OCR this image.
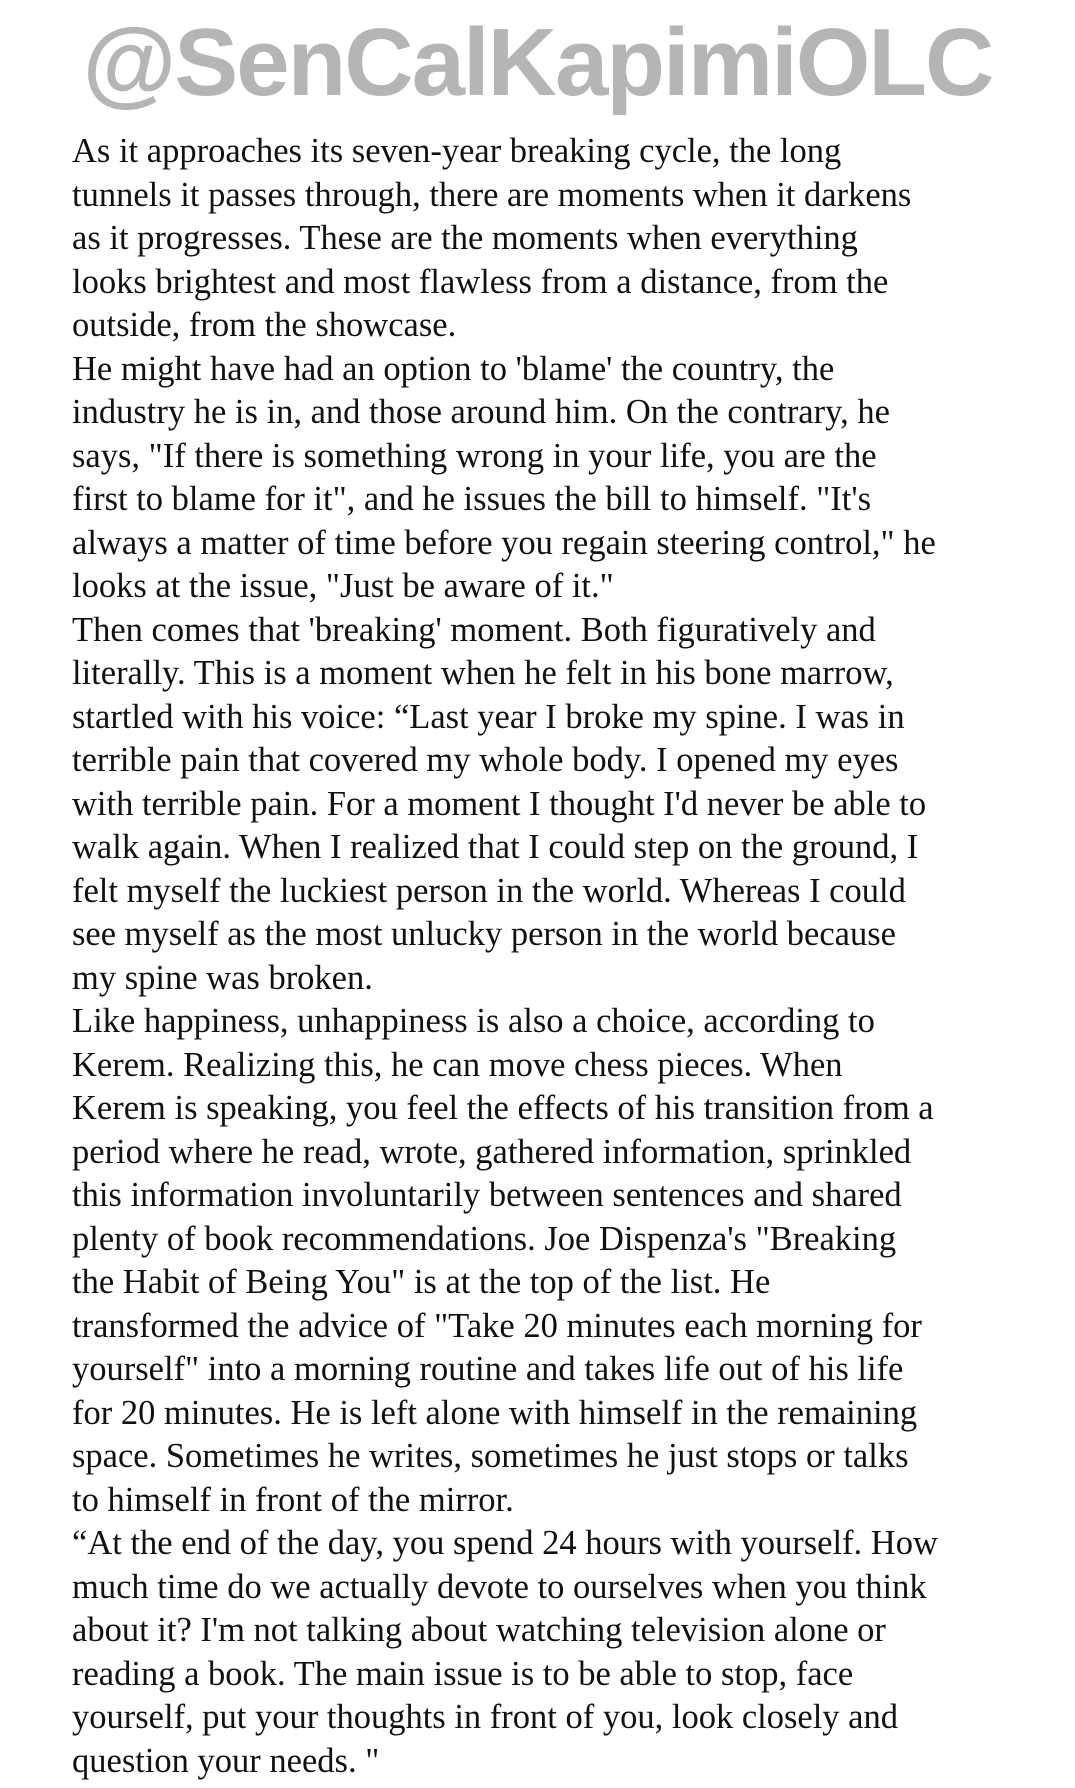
@SenCalKapimiOLC
As it approaches its seven-year breaking cycle, the long
tunnels it passes through, there are moments when it darkens
as it progresses. These are the moments when everything
looks brightest and most flawless from a distance, from the
outside, from the showcase.
He might have had an option to 'blame' the country, the
industry he is in, and those around him. On the contrary, he
says, "If there is something wrong in your life, you are the
first to blame for it", and he issues the bill to himself. "It's
always a matter of time before you regain steering control," he
looks at the issue, "Just be aware of it."
Then comes that 'breaking' moment. Both figuratively and
literally. This is a moment when he felt in his bone marrow,
startled with his voice: “Last year I broke my spine. I was in
terrible pain that covered my whole body. I opened my eyes
with terrible pain. For a moment I thought I'd never be able to
walk again. When I realized that I could step on the ground, I
felt myself the luckiest person in the world. Whereas I could
see myself as the most unlucky person in the world because
my spine was broken.
Like happiness, unhappiness is also a choice, according to
Kerem. Realizing this, he can move chess pieces. When
Kerem is speaking, you feel the effects of his transition from a
period where he read, wrote, gathered information, sprinkled
this information involuntarily between sentences and shared
plenty of book recommendations. Joe Dispenza's "Breaking
the Habit of Being You" is at the top of the list. He
transformed the advice of "Take 20 minutes each morning for
yourself" into a morning routine and takes life out of his life
for 20 minutes. He is left alone with himself in the remaining
space. Sometimes he writes, sometimes he just stops or talks
to himself in front of the mirror.
“At the end of the day, you spend 24 hours with yourself. How
much time do we actually devote to ourselves when you think
about it? I'm not talking about watching television alone or
reading a book. The main issue is to be able to stop, face
yourself, put your thoughts in front of you, look closely and
question your needs. "
